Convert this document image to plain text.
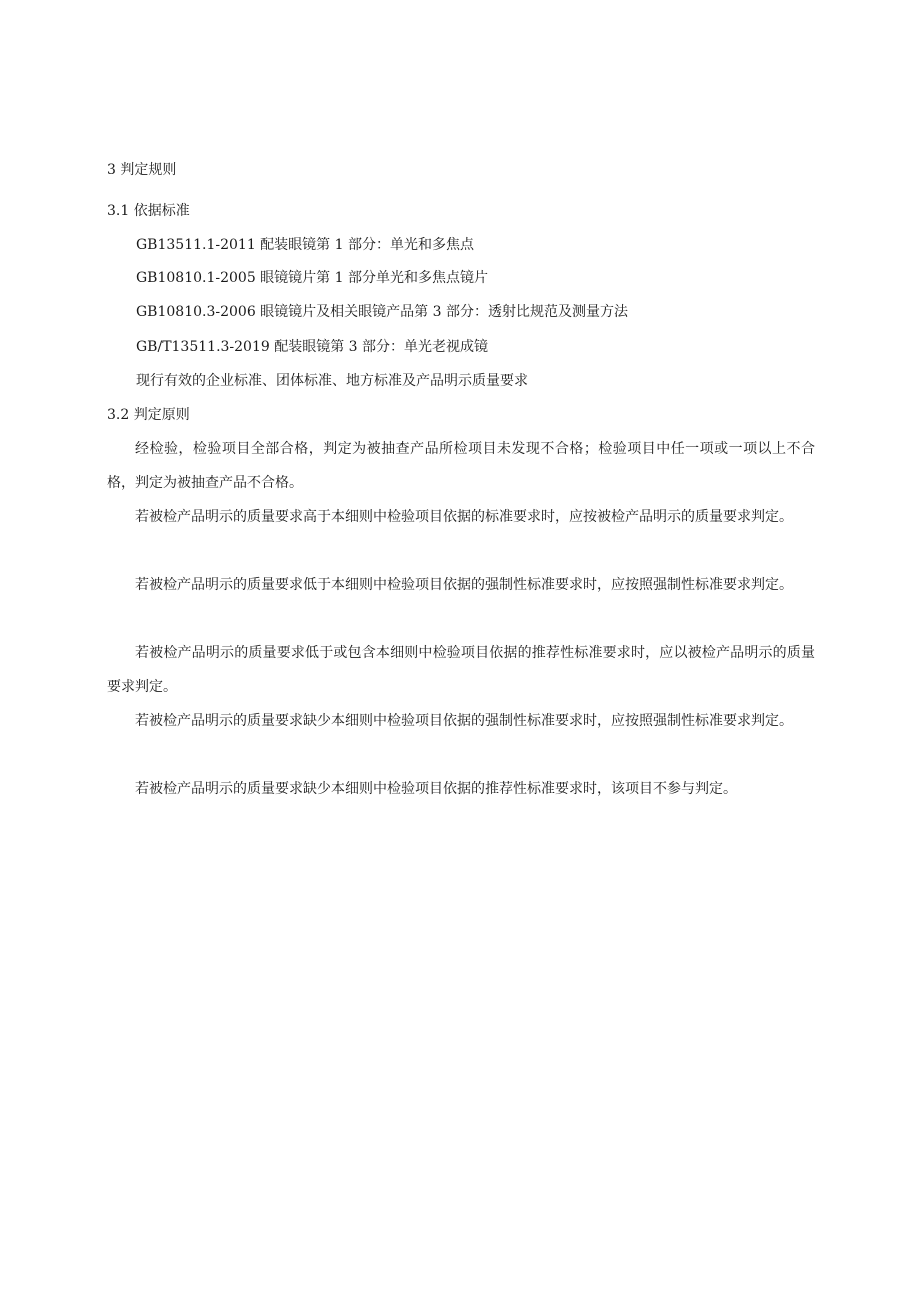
3 判定规则
3.1 依据标准
GB13511.1-2011 配装眼镜第 1 部分：单光和多焦点
GB10810.1-2005 眼镜镜片第 1 部分单光和多焦点镜片
GB10810.3-2006 眼镜镜片及相关眼镜产品第 3 部分：透射比规范及测量方法
GB/T13511.3-2019 配装眼镜第 3 部分：单光老视成镜
现行有效的企业标准、团体标准、地方标准及产品明示质量要求
3.2 判定原则
经检验，检验项目全部合格，判定为被抽查产品所检项目未发现不合格；检验项目中任一项或一项以上不合格，判定为被抽查产品不合格。
若被检产品明示的质量要求高于本细则中检验项目依据的标准要求时，应按被检产品明示的质量要求判定。
若被检产品明示的质量要求低于本细则中检验项目依据的强制性标准要求时，应按照强制性标准要求判定。
若被检产品明示的质量要求低于或包含本细则中检验项目依据的推荐性标准要求时，应以被检产品明示的质量要求判定。
若被检产品明示的质量要求缺少本细则中检验项目依据的强制性标准要求时，应按照强制性标准要求判定。
若被检产品明示的质量要求缺少本细则中检验项目依据的推荐性标准要求时，该项目不参与判定。
